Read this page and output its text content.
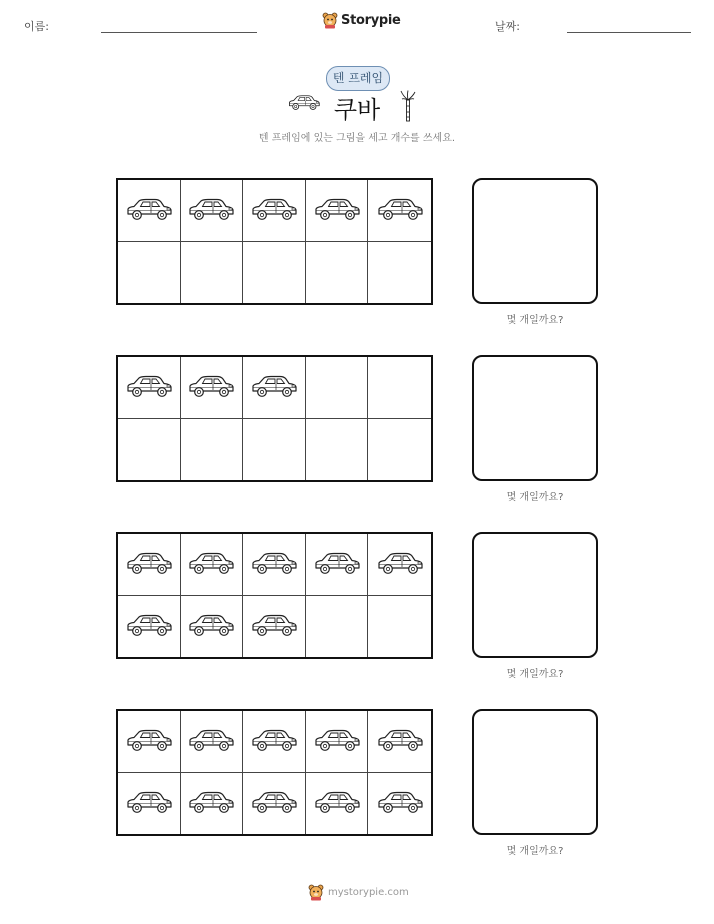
이름:	Storypie	날짜:
텐 프레임
쿠바
텐 프레임에 있는 그림을 세고 개수를 쓰세요.
몇 개일까요?
몇 개일까요?
몇 개일까요?
몇 개일까요?
mystorypie.com
